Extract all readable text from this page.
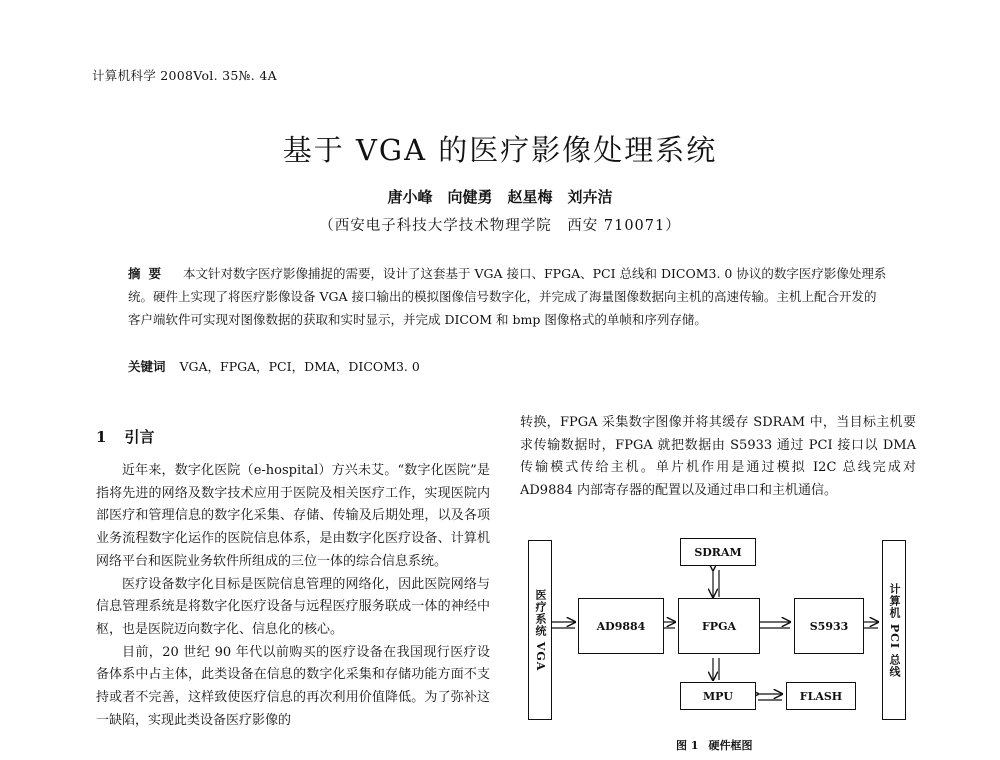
计算机科学 2008Vol. 35№. 4A
基于 VGA 的医疗影像处理系统
唐小峰　向健勇　赵星梅　刘卉洁
（西安电子科技大学技术物理学院　西安 710071）
摘要 本文针对数字医疗影像捕捉的需要，设计了这套基于 VGA 接口、FPGA、PCI 总线和 DICOM3. 0 协议的数字医疗影像处理系统。硬件上实现了将医疗影像设备 VGA 接口输出的模拟图像信号数字化，并完成了海量图像数据向主机的高速传输。主机上配合开发的客户端软件可实现对图像数据的获取和实时显示，并完成 DICOM 和 bmp 图像格式的单帧和序列存储。
关键词 VGA，FPGA，PCI，DMA，DICOM3. 0
1 引言

近年来，数字化医院（e-hospital）方兴未艾。“数字化医院”是指将先进的网络及数字技术应用于医院及相关医疗工作，实现医院内部医疗和管理信息的数字化采集、存储、传输及后期处理，以及各项业务流程数字化运作的医院信息体系，是由数字化医疗设备、计算机网络平台和医院业务软件所组成的三位一体的综合信息系统。

医疗设备数字化目标是医院信息管理的网络化，因此医院网络与信息管理系统是将数字化医疗设备与远程医疗服务联成一体的神经中枢，也是医院迈向数字化、信息化的核心。

目前，20 世纪 90 年代以前购买的医疗设备在我国现行医疗设备体系中占主体，此类设备在信息的数字化采集和存储功能方面不支持或者不完善，这样致使医疗信息的再次利用价值降低。为了弥补这一缺陷，实现此类设备医疗影像的

转换，FPGA 采集数字图像并将其缓存 SDRAM 中，当目标主机要求传输数据时，FPGA 就把数据由 S5933 通过 PCI 接口以 DMA 传输模式传给主机。单片机作用是通过模拟 I2C 总线完成对 AD9884 内部寄存器的配置以及通过串口和主机通信。

医疗系统 VGA	AD9884	FPGA
SDRAM
S5933
MPU	FLASH
计算机 PCI 总线
图 1 硬件框图
